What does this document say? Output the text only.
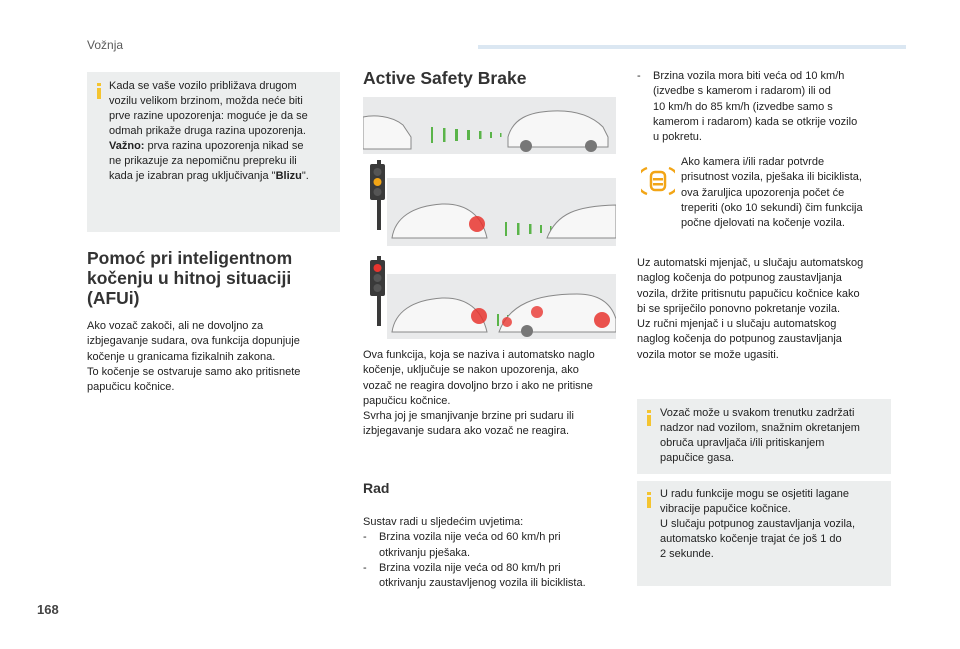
Vožnja

Kada se vaše vozilo približava drugom

vozilu velikom brzinom, možda neće biti

prve razine upozorenja: moguće je da se

odmah prikaže druga razina upozorenja.

Važno: prva razina upozorenja nikad se

ne prikazuje za nepomičnu prepreku ili

kada je izabran prag uključivanja "Blizu".

Pomoć pri inteligentnom
kočenju u hitnoj situaciji
(AFUi)

Ako vozač zakoči, ali ne dovoljno za

izbjegavanje sudara, ova funkcija dopunjuje

kočenje u granicama fizikalnih zakona.

To kočenje se ostvaruje samo ako pritisnete

papučicu kočnice.

Active Safety Brake

Ova funkcija, koja se naziva i automatsko naglo

kočenje, uključuje se nakon upozorenja, ako

vozač ne reagira dovoljno brzo i ako ne pritisne

papučicu kočnice.

Svrha joj je smanjivanje brzine pri sudaru ili

izbjegavanje sudara ako vozač ne reagira.

Rad

Sustav radi u sljedećim uvjetima:

-	Brzina vozila nije veća od 60 km/h pri
otkrivanju pješaka.
-	Brzina vozila nije veća od 80 km/h pri
otkrivanju zaustavljenog vozila ili biciklista.
-	Brzina vozila mora biti veća od 10 km/h
(izvedbe s kamerom i radarom) ili od
10 km/h do 85 km/h (izvedbe samo s
kamerom i radarom) kada se otkrije vozilo
u pokretu.

Ako kamera i/ili radar potvrde

prisutnost vozila, pješaka ili biciklista,

ova žaruljica upozorenja počet će

treperiti (oko 10 sekundi) čim funkcija

počne djelovati na kočenje vozila.

Uz automatski mjenjač, u slučaju automatskog

naglog kočenja do potpunog zaustavljanja

vozila, držite pritisnutu papučicu kočnice kako

bi se spriječilo ponovno pokretanje vozila.

Uz ručni mjenjač i u slučaju automatskog

naglog kočenja do potpunog zaustavljanja

vozila motor se može ugasiti.

Vozač može u svakom trenutku zadržati

nadzor nad vozilom, snažnim okretanjem

obruča upravljača i/ili pritiskanjem

papučice gasa.

U radu funkcije mogu se osjetiti lagane

vibracije papučice kočnice.

U slučaju potpunog zaustavljanja vozila,

automatsko kočenje trajat će još 1 do

2 sekunde.

168
